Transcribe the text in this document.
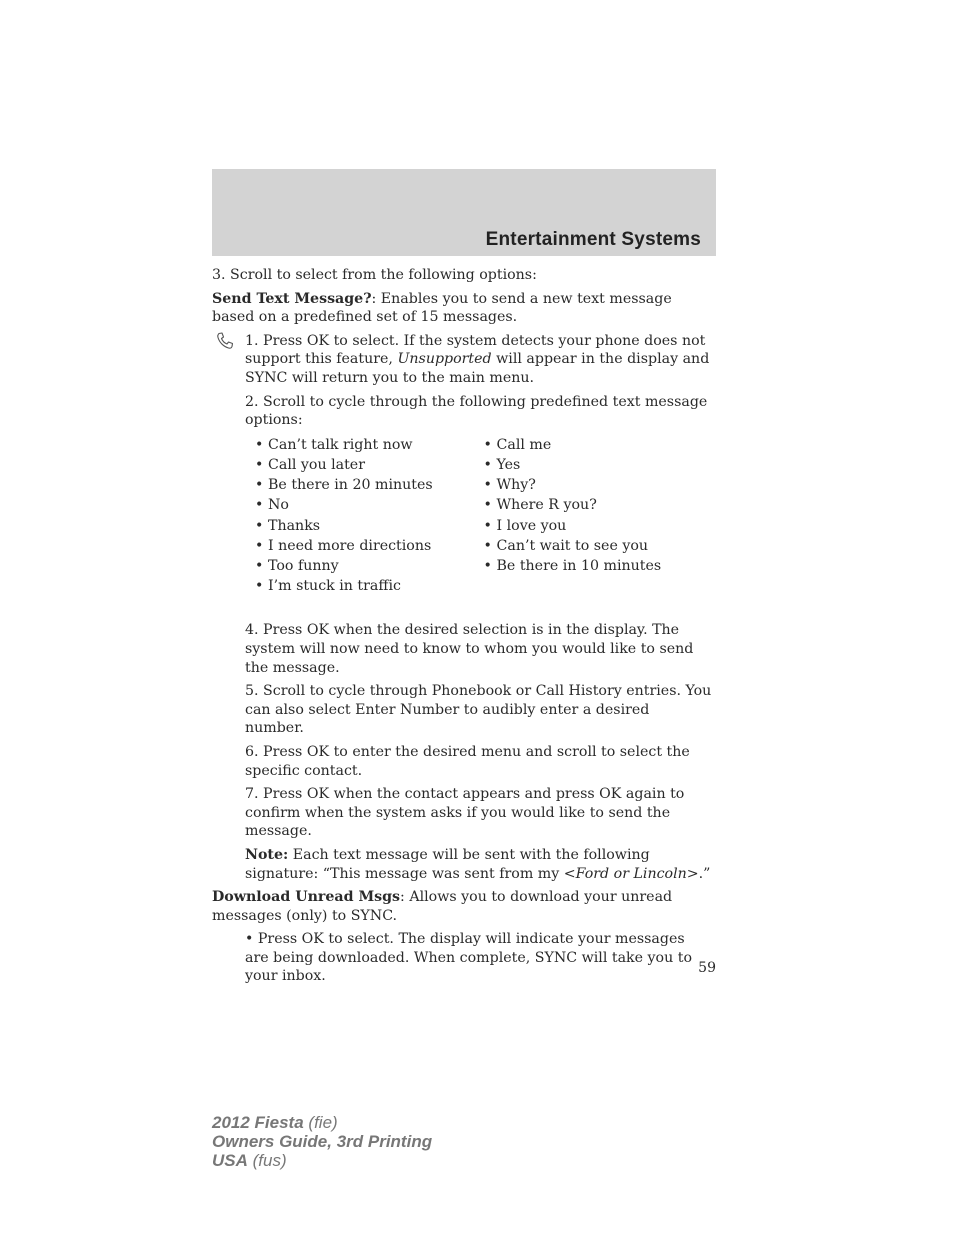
Entertainment Systems

3. Scroll to select from the following options:

Send Text Message?: Enables you to send a new text message based on a predefined set of 15 messages.

1. Press OK to select. If the system detects your phone does not support this feature, Unsupported will appear in the display and SYNC will return you to the main menu.

2. Scroll to cycle through the following predefined text message options:

• Can’t talk right now
• Call you later
• Be there in 20 minutes
• No
• Thanks
• I need more directions
• Too funny
• I’m stuck in traffic
• Call me
• Yes
• Why?
• Where R you?
• I love you
• Can’t wait to see you
• Be there in 10 minutes

4. Press OK when the desired selection is in the display. The system will now need to know to whom you would like to send the message.

5. Scroll to cycle through Phonebook or Call History entries. You can also select Enter Number to audibly enter a desired number.

6. Press OK to enter the desired menu and scroll to select the specific contact.

7. Press OK when the contact appears and press OK again to confirm when the system asks if you would like to send the message.

Note: Each text message will be sent with the following signature: “This message was sent from my <Ford or Lincoln>.”

Download Unread Msgs: Allows you to download your unread messages (only) to SYNC.

• Press OK to select. The display will indicate your messages are being downloaded. When complete, SYNC will take you to your inbox.

59
2012 Fiesta (fie)
Owners Guide, 3rd Printing
USA (fus)
